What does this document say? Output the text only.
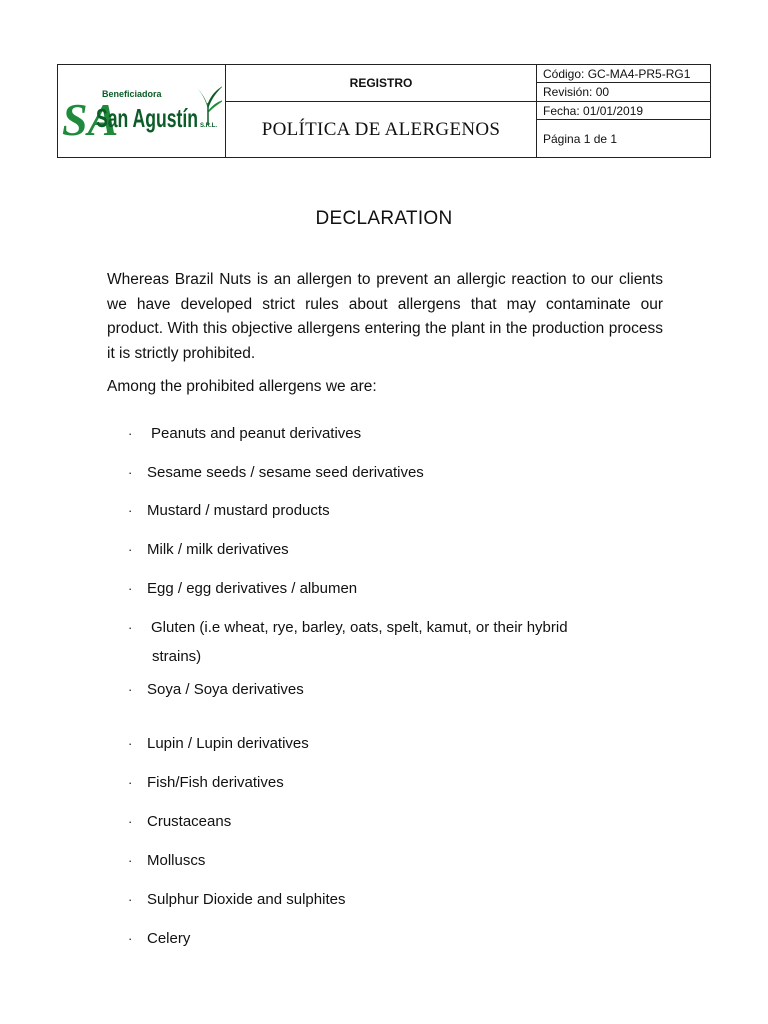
SA
Beneficiadora
San Agustín S.R.L.
REGISTRO
POLÍTICA DE ALERGENOS
Código: GC-MA4-PR5-RG1
Revisión: 00
Fecha: 01/01/2019
Página 1 de 1
DECLARATION
Whereas Brazil Nuts is an allergen to prevent an allergic reaction to our clients we have developed strict rules about allergens that may contaminate our product. With this objective allergens entering the plant in the production process it is strictly prohibited.
Among the prohibited allergens we are:
· Peanuts and peanut derivatives
· Sesame seeds / sesame seed derivatives
· Mustard / mustard products
· Milk / milk derivatives
· Egg / egg derivatives / albumen
· Gluten (i.e wheat, rye, barley, oats, spelt, kamut, or their hybrid
strains)
· Soya / Soya derivatives
· Lupin / Lupin derivatives
· Fish/Fish derivatives
· Crustaceans
· Molluscs
· Sulphur Dioxide and sulphites
· Celery
